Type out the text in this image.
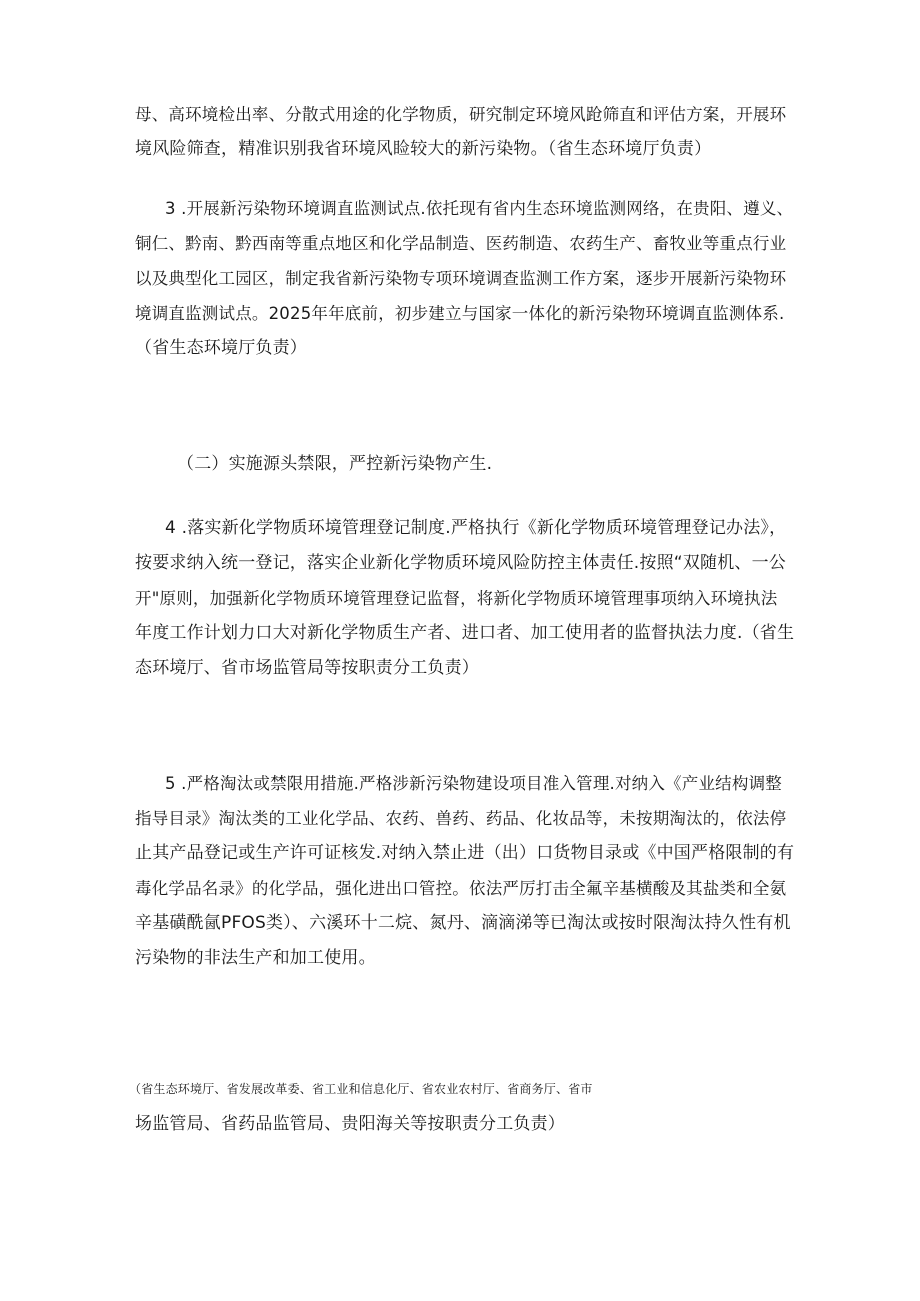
母、高环境检出率、分散式用途的化学物质，研究制定环境风跄筛直和评估方案，开展环
境风险筛查，精准识别我省环境风睑较大的新污染物。（省生态环境厅负责）

3 .开展新污染物环境调直监测试点.依托现有省内生态环境监测网络，在贵阳、遵义、
铜仁、黔南、黔西南等重点地区和化学品制造、医药制造、农药生产、畜牧业等重点行业
以及典型化工园区，制定我省新污染物专项环境调查监测工作方案，逐步开展新污染物环
境调直监测试点。2025年年底前，初步建立与国家一体化的新污染物环境调直监测体系.
（省生态环境厅负责）

（二）实施源头禁限，严控新污染物产生.

4 .落实新化学物质环境管理登记制度.严格执行《新化学物质环境管理登记办法》，
按要求纳入统一登记，落实企业新化学物质环境风险防控主体责任.按照“双随机、一公
开"原则，加强新化学物质环境管理登记监督，将新化学物质环境管理事项纳入环境执法
年度工作计划力口大对新化学物质生产者、进口者、加工使用者的监督执法力度.（省生
态环境厅、省市场监管局等按职责分工负责）

5 .严格淘汰或禁限用措施.严格涉新污染物建设项目准入管理.对纳入《产业结构调整
指导目录》淘汰类的工业化学品、农药、兽药、药品、化妆品等，未按期淘汰的，依法停
止其产品登记或生产许可证核发.对纳入禁止进（出）口货物目录或《中国严格限制的有
毒化学品名录》的化学品，强化进出口管控。依法严厉打击全氟辛基横酸及其盐类和全氨
辛基磺酰氤PFOS类）、六溪环十二烷、氮丹、滴滴涕等已淘汰或按时限淘汰持久性有机
污染物的非法生产和加工使用。

（省生态环境厅、省发展改革委、省工业和信息化厅、省农业农村厅、省商务厅、省市
场监管局、省药品监管局、贵阳海关等按职责分工负责）
